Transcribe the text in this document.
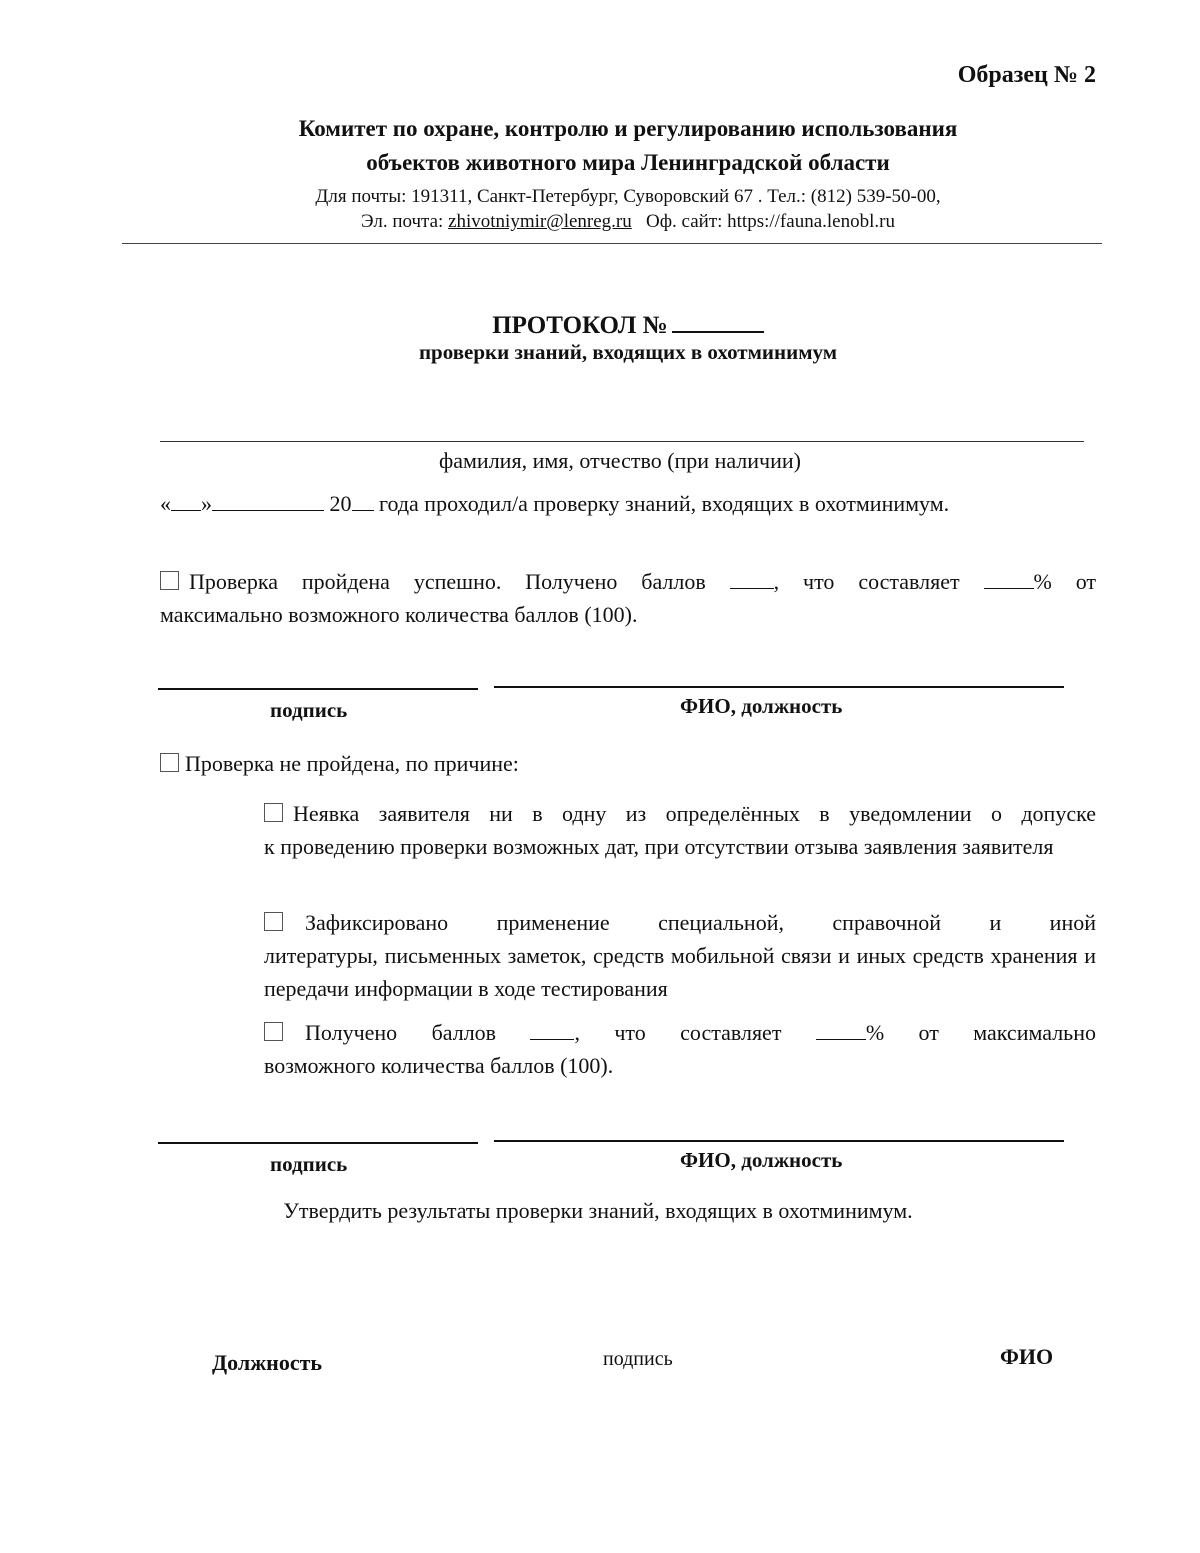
Образец № 2
Комитет по охране, контролю и регулированию использования
объектов животного мира Ленинградской области
Для почты: 191311, Санкт-Петербург, Суворовский 67 . Тел.: (812) 539-50-00,
Эл. почта: zhivotniymir@lenreg.ru Оф. сайт: https://fauna.lenobl.ru
ПРОТОКОЛ №
проверки знаний, входящих в охотминимум
фамилия, имя, отчество (при наличии)
« »	20 года проходил/а проверку знаний, входящих в охотминимум.
Проверка пройдена успешно. Получено баллов	, что составляет	% от
максимально возможного количества баллов (100).
подпись	ФИО, должность
Проверка не пройдена, по причине:
Неявка заявителя ни в одну из определённых в уведомлении о допуске
к проведению проверки возможных дат, при отсутствии отзыва заявления заявителя
Зафиксировано применение специальной, справочной и иной
литературы, письменных заметок, средств мобильной связи и иных средств хранения и передачи информации в ходе тестирования
Получено баллов	, что составляет	% от максимально
возможного количества баллов (100).
подпись	ФИО, должность
Утвердить результаты проверки знаний, входящих в охотминимум.
Должность	подпись	ФИО
